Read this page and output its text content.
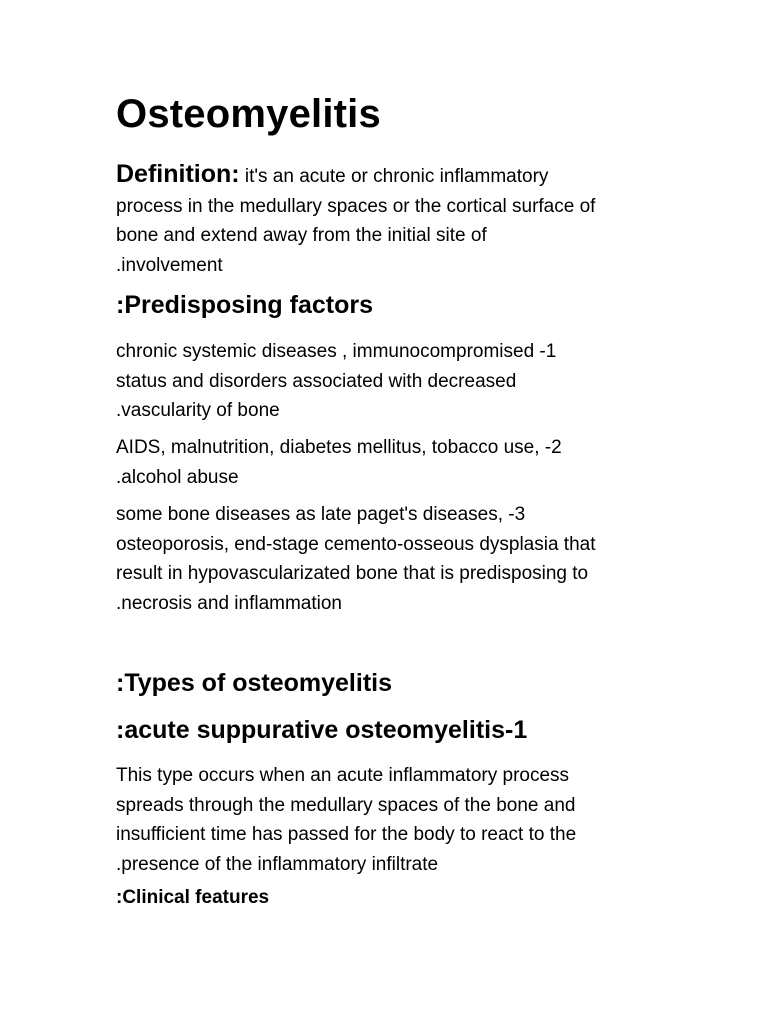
Osteomyelitis
Definition: it's an acute or chronic inflammatory
process in the medullary spaces or the cortical surface of
bone and extend away from the initial site of
.involvement
:Predisposing factors
chronic systemic diseases , immunocompromised -1
status and disorders associated with decreased
.vascularity of bone
AIDS, malnutrition, diabetes mellitus, tobacco use, -2
.alcohol abuse
some bone diseases as late paget's diseases, -3
osteoporosis, end-stage cemento-osseous dysplasia that
result in hypovascularizated bone that is predisposing to
.necrosis and inflammation
:Types of osteomyelitis
:acute suppurative osteomyelitis-1
This type occurs when an acute inflammatory process
spreads through the medullary spaces of the bone and
insufficient time has passed for the body to react to the
.presence of the inflammatory infiltrate
:Clinical features
